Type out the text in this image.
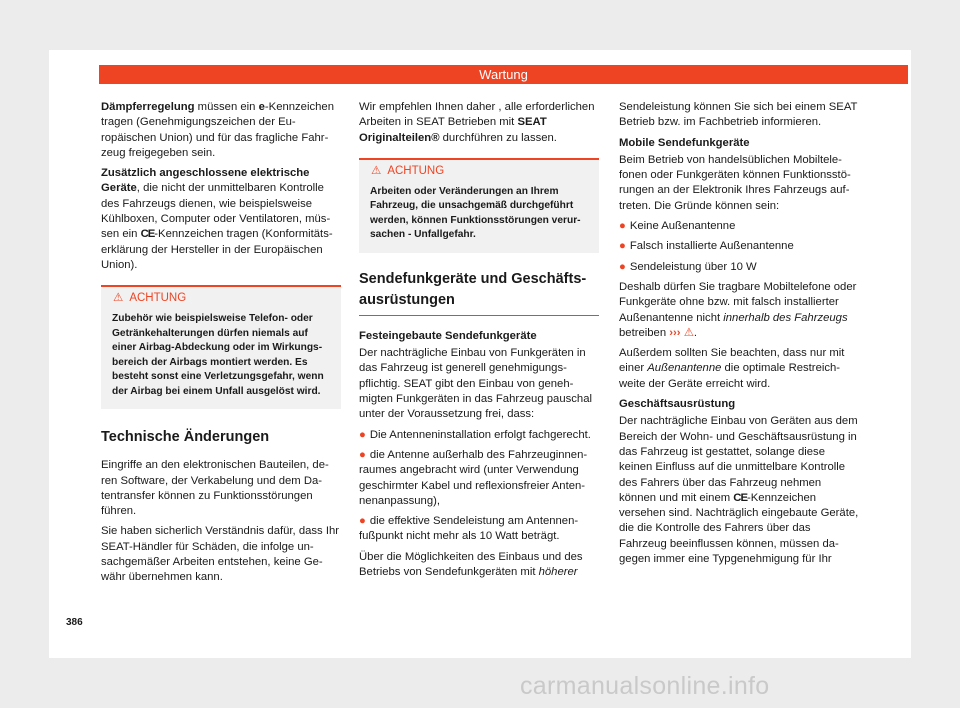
Wartung

Dämpferregelung müssen ein e-Kennzeichen tragen (Genehmigungszeichen der Europäischen Union) und für das fragliche Fahrzeug freigegeben sein.

Zusätzlich angeschlossene elektrische Geräte, die nicht der unmittelbaren Kontrolle des Fahrzeugs dienen, wie beispielsweise Kühlboxen, Computer oder Ventilatoren, müssen ein CE-Kennzeichen tragen (Konformitätserklärung der Hersteller in der Europäischen Union).

⚠ ACHTUNG
Zubehör wie beispielsweise Telefon- oder Getränkehalterungen dürfen niemals auf einer Airbag-Abdeckung oder im Wirkungsbereich der Airbags montiert werden. Es besteht sonst eine Verletzungsgefahr, wenn der Airbag bei einem Unfall ausgelöst wird.
Technische Änderungen

Eingriffe an den elektronischen Bauteilen, deren Software, der Verkabelung und dem Datentransfer können zu Funktionsstörungen führen.

Sie haben sicherlich Verständnis dafür, dass Ihr SEAT-Händler für Schäden, die infolge unsachgemäßer Arbeiten entstehen, keine Gewähr übernehmen kann.

Wir empfehlen Ihnen daher , alle erforderlichen Arbeiten in SEAT Betrieben mit SEAT Originalteilen® durchführen zu lassen.

⚠ ACHTUNG
Arbeiten oder Veränderungen an Ihrem Fahrzeug, die unsachgemäß durchgeführt werden, können Funktionsstörungen verursachen - Unfallgefahr.
Sendefunkgeräte und Geschäftsausrüstungen

Festeingebaute Sendefunkgeräte

Der nachträgliche Einbau von Funkgeräten in das Fahrzeug ist generell genehmigungspflichtig. SEAT gibt den Einbau von genehmigten Funkgeräten in das Fahrzeug pauschal unter der Voraussetzung frei, dass:

● Die Antenneninstallation erfolgt fachgerecht.

● die Antenne außerhalb des Fahrzeuginnenraumes angebracht wird (unter Verwendung geschirmter Kabel und reflexionsfreier Antennenanpassung),

● die effektive Sendeleistung am Antennenfußpunkt nicht mehr als 10 Watt beträgt.

Über die Möglichkeiten des Einbaus und des Betriebs von Sendefunkgeräten mit höherer

Sendeleistung können Sie sich bei einem SEAT Betrieb bzw. im Fachbetrieb informieren.

Mobile Sendefunkgeräte

Beim Betrieb von handelsüblichen Mobiltelefonen oder Funkgeräten können Funktionsstörungen an der Elektronik Ihres Fahrzeugs auftreten. Die Gründe können sein:

● Keine Außenantenne

● Falsch installierte Außenantenne

● Sendeleistung über 10 W

Deshalb dürfen Sie tragbare Mobiltelefone oder Funkgeräte ohne bzw. mit falsch installierter Außenantenne nicht innerhalb des Fahrzeugs betreiben ››› ⚠.

Außerdem sollten Sie beachten, dass nur mit einer Außenantenne die optimale Restreichweite der Geräte erreicht wird.

Geschäftsausrüstung

Der nachträgliche Einbau von Geräten aus dem Bereich der Wohn- und Geschäftsausrüstung in das Fahrzeug ist gestattet, solange diese keinen Einfluss auf die unmittelbare Kontrolle des Fahrers über das Fahrzeug nehmen können und mit einem CE-Kennzeichen versehen sind. Nachträglich eingebaute Geräte, die die Kontrolle des Fahrers über das Fahrzeug beeinflussen können, müssen dagegen immer eine Typgenehmigung für Ihr

386
carmanualsonline.info
